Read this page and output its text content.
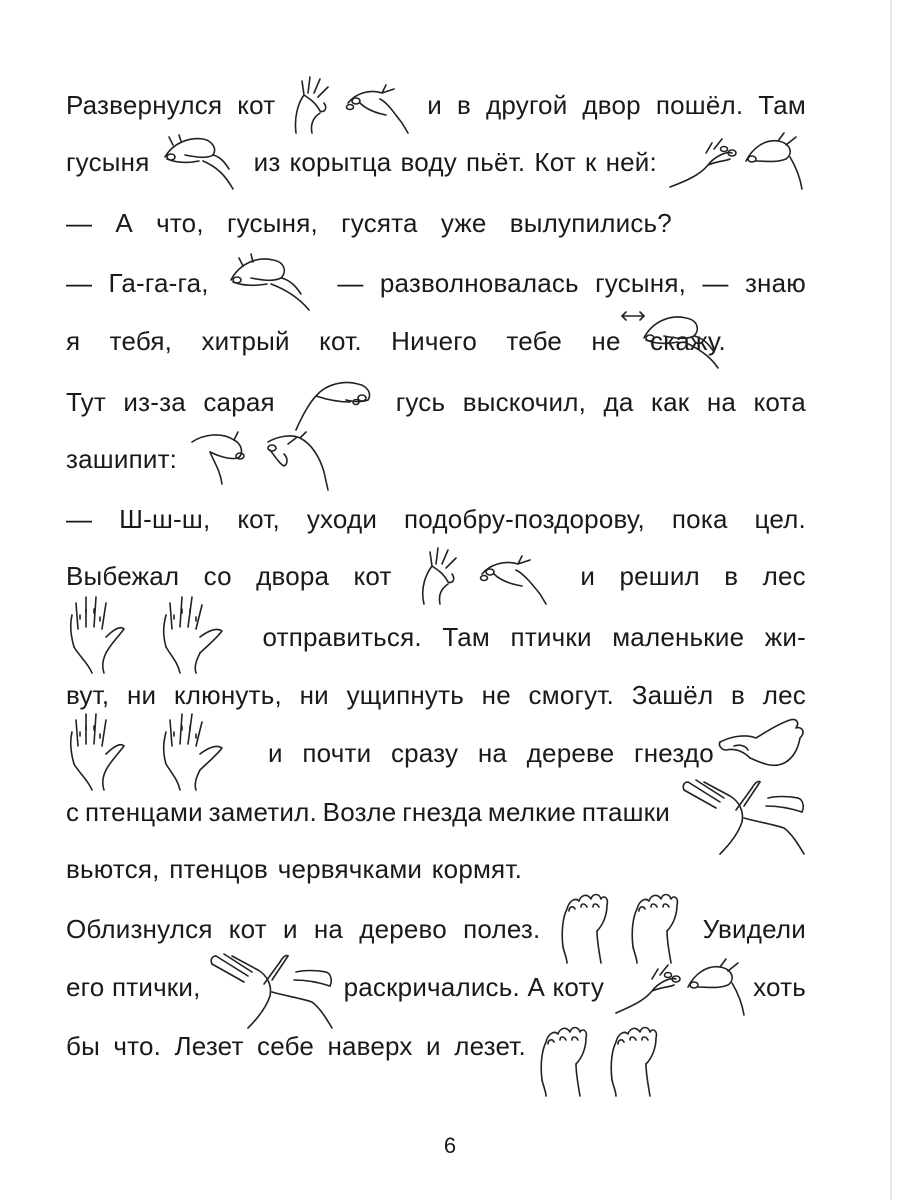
Развернулся кот	и в другой двор пошёл. Там
гусыня	из корытца воду пьёт. Кот к ней:
— А что, гусыня, гусята уже вылупились?
— Га-га-га,	— разволновалась гусыня, — знаю
я тебя, хитрый кот. Ничего тебе не скажу.
Тут из-за сарая	гусь выскочил, да как на кота
зашипит:
— Ш-ш-ш, кот, уходи подобру-поздорову, пока цел.
Выбежал со двора кот	и решил в лес
отправиться. Там птички маленькие жи-
вут, ни клюнуть, ни ущипнуть не смогут. Зашёл в лес
и почти сразу на дереве гнездо
с птенцами заметил. Возле гнезда мелкие пташки
вьются, птенцов червячками кормят.
Облизнулся кот и на дерево полез.	Увидели
его птички,	раскричались. А коту	хоть
бы что. Лезет себе наверх и лезет.
6
